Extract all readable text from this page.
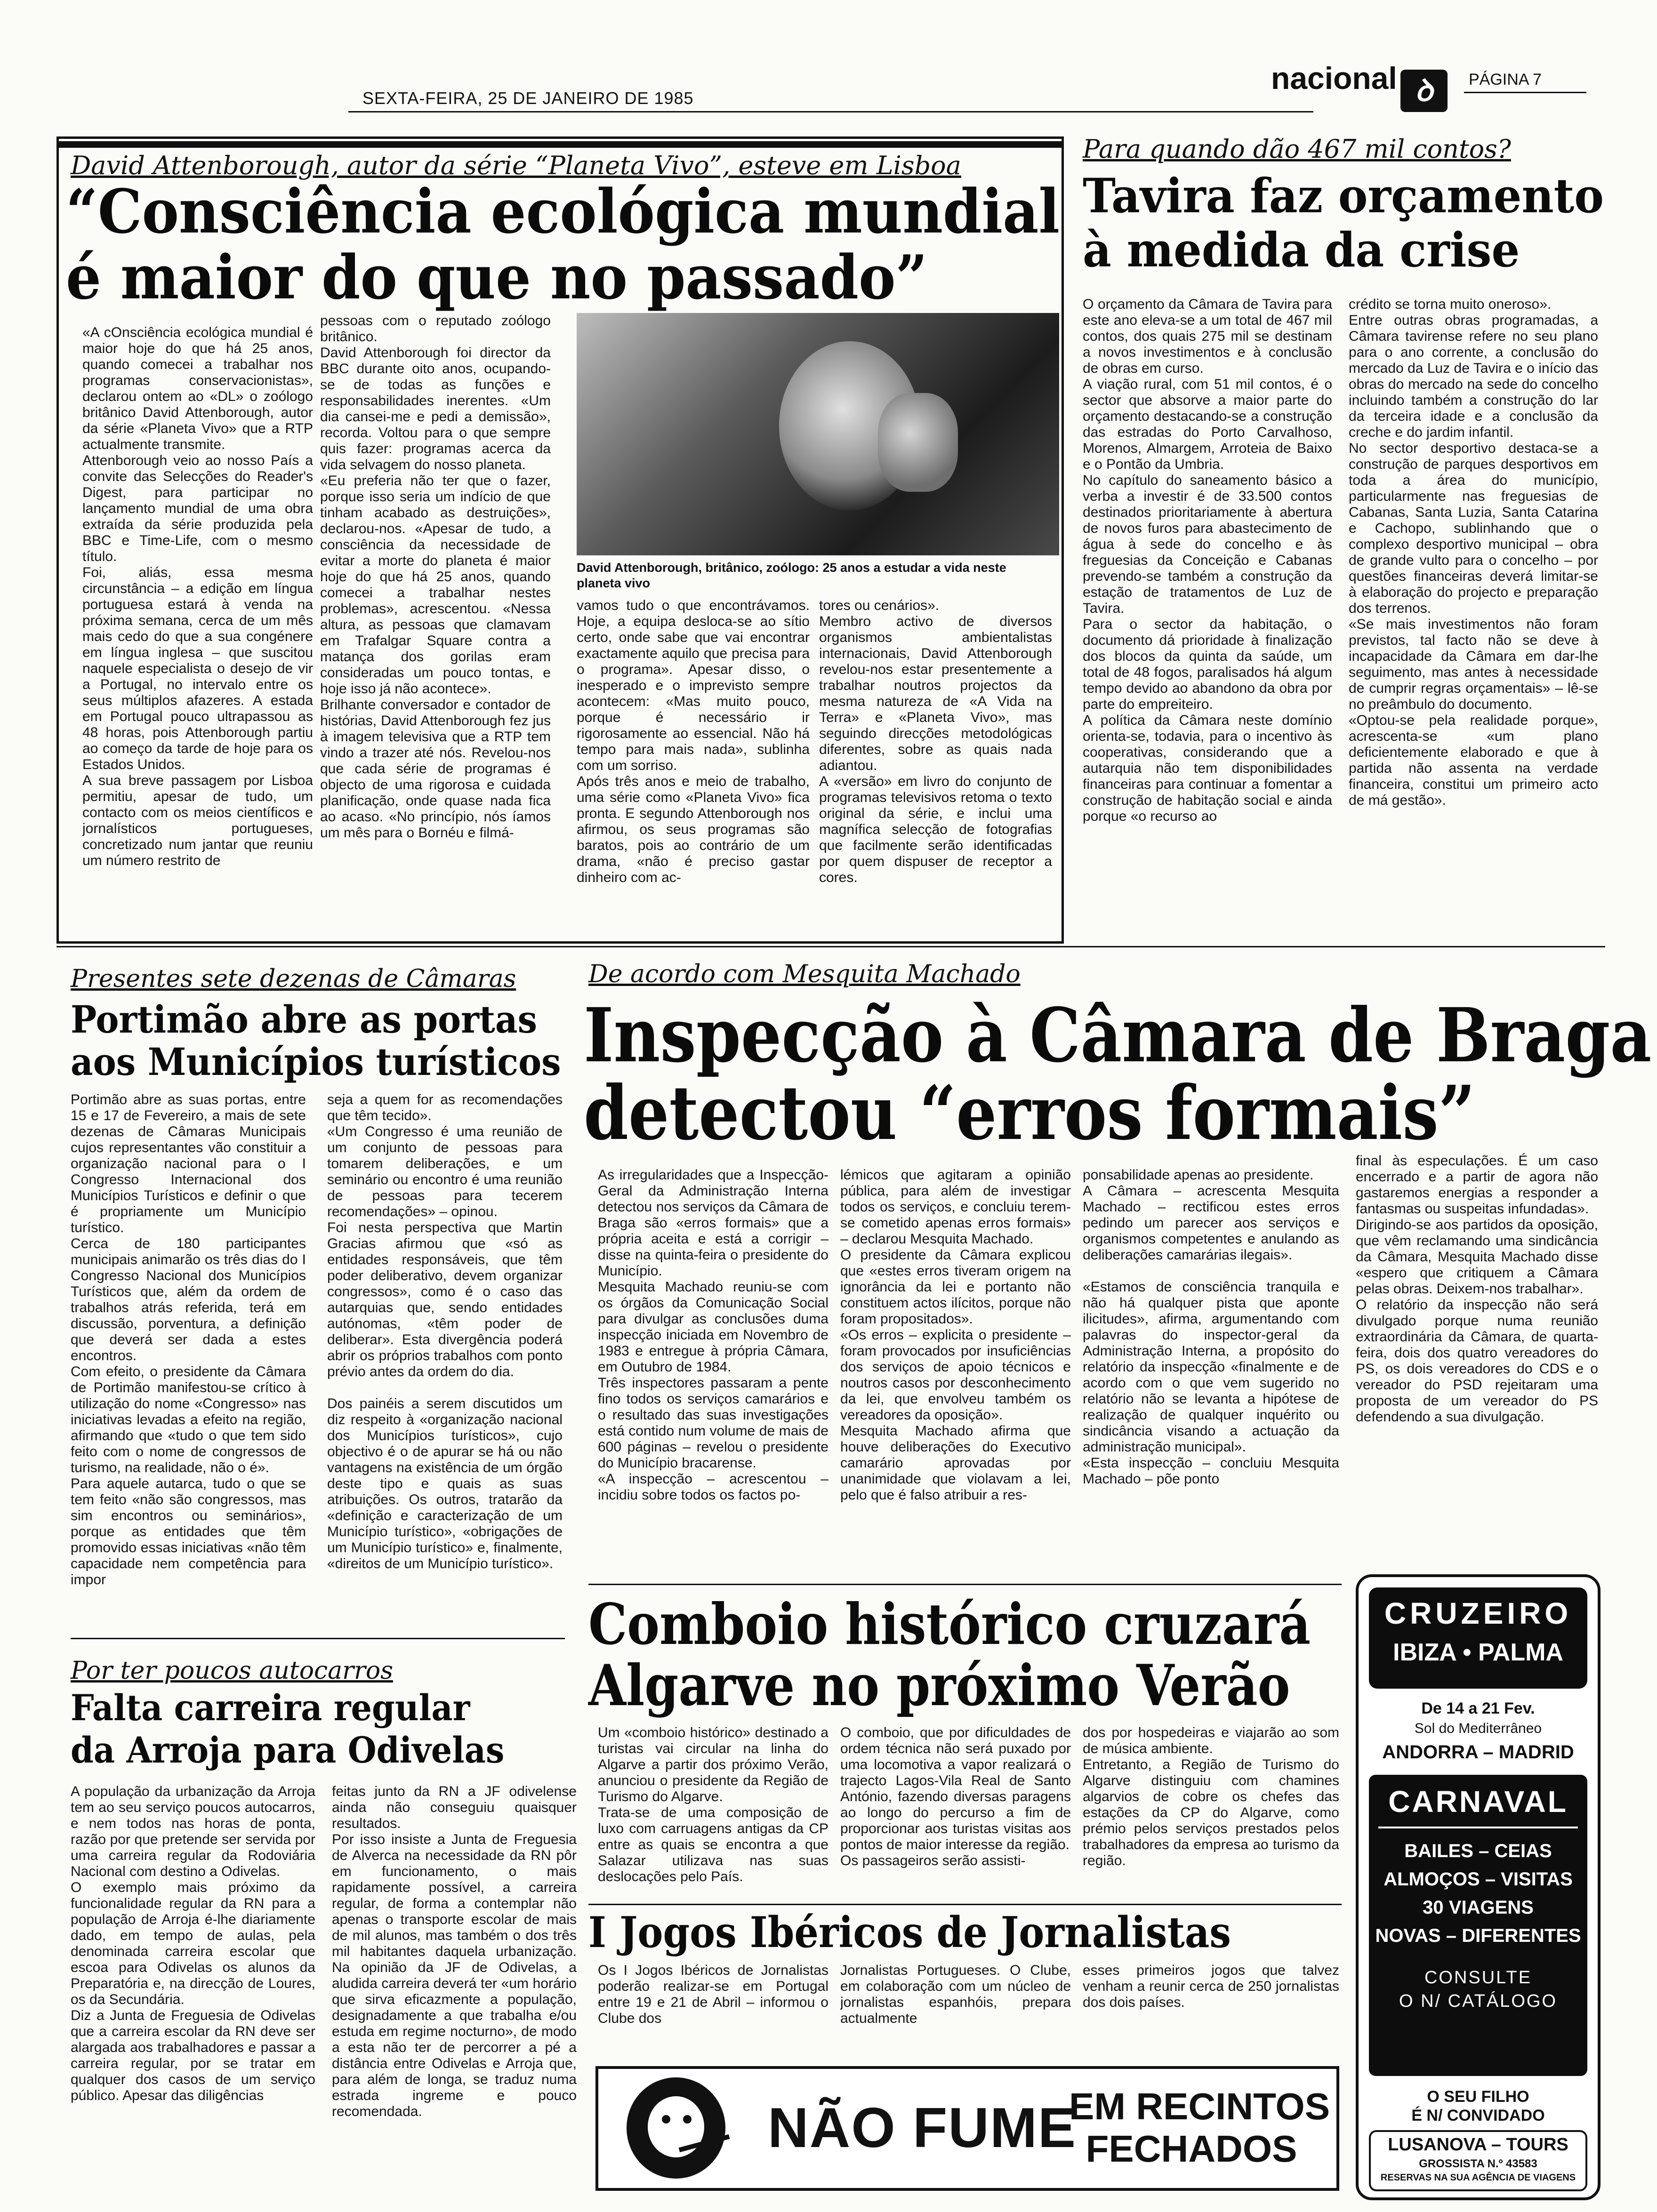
SEXTA-FEIRA, 25 DE JANEIRO DE 1985
nacional ꝺ	PÁGINA 7
David Attenborough, autor da série “Planeta Vivo”, esteve em Lisboa
“Consciência ecológica mundial
é maior do que no passado”

«A cOnsciência ecológica mundial é maior hoje do que há 25 anos, quando comecei a trabalhar nos programas conservacionistas», declarou ontem ao «DL» o zoólogo britânico David Attenborough, autor da série «Planeta Vivo» que a RTP actualmente transmite.
Attenborough veio ao nosso País a convite das Selecções do Reader's Digest, para participar no lançamento mundial de uma obra extraída da série produzida pela BBC e Time-Life, com o mesmo título.
Foi, aliás, essa mesma circunstância – a edição em língua portuguesa estará à venda na próxima semana, cerca de um mês mais cedo do que a sua congénere em língua inglesa – que suscitou naquele especialista o desejo de vir a Portugal, no intervalo entre os seus múltiplos afazeres. A estada em Portugal pouco ultrapassou as 48 horas, pois Attenborough partiu ao começo da tarde de hoje para os Estados Unidos.
A sua breve passagem por Lisboa permitiu, apesar de tudo, um contacto com os meios científicos e jornalísticos portugueses, concretizado num jantar que reuniu um número restrito de

pessoas com o reputado zoólogo britânico.
David Attenborough foi director da BBC durante oito anos, ocupando-se de todas as funções e responsabilidades inerentes. «Um dia cansei-me e pedi a demissão», recorda. Voltou para o que sempre quis fazer: programas acerca da vida selvagem do nosso planeta.
«Eu preferia não ter que o fazer, porque isso seria um indício de que tinham acabado as destruições», declarou-nos. «Apesar de tudo, a consciência da necessidade de evitar a morte do planeta é maior hoje do que há 25 anos, quando comecei a trabalhar nestes problemas», acrescentou. «Nessa altura, as pessoas que clamavam em Trafalgar Square contra a matança dos gorilas eram consideradas um pouco tontas, e hoje isso já não acontece».
Brilhante conversador e contador de histórias, David Attenborough fez jus à imagem televisiva que a RTP tem vindo a trazer até nós. Revelou-nos que cada série de programas é objecto de uma rigorosa e cuidada planificação, onde quase nada fica ao acaso. «No princípio, nós íamos um mês para o Bornéu e filmá-

David Attenborough, britânico, zoólogo: 25 anos a estudar a vida neste planeta vivo

vamos tudo o que encontrávamos. Hoje, a equipa desloca-se ao sítio certo, onde sabe que vai encontrar exactamente aquilo que precisa para o programa». Apesar disso, o inesperado e o imprevisto sempre acontecem: «Mas muito pouco, porque é necessário ir rigorosamente ao essencial. Não há tempo para mais nada», sublinha com um sorriso.
Após três anos e meio de trabalho, uma série como «Planeta Vivo» fica pronta. E segundo Attenborough nos afirmou, os seus programas são baratos, pois ao contrário de um drama, «não é preciso gastar dinheiro com ac-

tores ou cenários».
Membro activo de diversos organismos ambientalistas internacionais, David Attenborough revelou-nos estar presentemente a trabalhar noutros projectos da mesma natureza de «A Vida na Terra» e «Planeta Vivo», mas seguindo direcções metodológicas diferentes, sobre as quais nada adiantou.
A «versão» em livro do conjunto de programas televisivos retoma o texto original da série, e inclui uma magnífica selecção de fotografias que facilmente serão identificadas por quem dispuser de receptor a cores.

Para quando dão 467 mil contos?
Tavira faz orçamento
à medida da crise

O orçamento da Câmara de Tavira para este ano eleva-se a um total de 467 mil contos, dos quais 275 mil se destinam a novos investimentos e à conclusão de obras em curso.
A viação rural, com 51 mil contos, é o sector que absorve a maior parte do orçamento destacando-se a construção das estradas do Porto Carvalhoso, Morenos, Almargem, Arroteia de Baixo e o Pontão da Umbria.
No capítulo do saneamento básico a verba a investir é de 33.500 contos destinados prioritariamente à abertura de novos furos para abastecimento de água à sede do concelho e às freguesias da Conceição e Cabanas prevendo-se também a construção da estação de tratamentos de Luz de Tavira.
Para o sector da habitação, o documento dá prioridade à finalização dos blocos da quinta da saúde, um total de 48 fogos, paralisados há algum tempo devido ao abandono da obra por parte do empreiteiro.
A política da Câmara neste domínio orienta-se, todavia, para o incentivo às cooperativas, considerando que a autarquia não tem disponibilidades financeiras para continuar a fomentar a construção de habitação social e ainda porque «o recurso ao

crédito se torna muito oneroso».
Entre outras obras programadas, a Câmara tavirense refere no seu plano para o ano corrente, a conclusão do mercado da Luz de Tavira e o início das obras do mercado na sede do concelho incluindo também a construção do lar da terceira idade e a conclusão da creche e do jardim infantil.
No sector desportivo destaca-se a construção de parques desportivos em toda a área do município, particularmente nas freguesias de Cabanas, Santa Luzia, Santa Catarina e Cachopo, sublinhando que o complexo desportivo municipal – obra de grande vulto para o concelho – por questões financeiras deverá limitar-se à elaboração do projecto e preparação dos terrenos.
«Se mais investimentos não foram previstos, tal facto não se deve à incapacidade da Câmara em dar-lhe seguimento, mas antes à necessidade de cumprir regras orçamentais» – lê-se no preâmbulo do documento.
«Optou-se pela realidade porque», acrescenta-se «um plano deficientemente elaborado e que à partida não assenta na verdade financeira, constitui um primeiro acto de má gestão».

Presentes sete dezenas de Câmaras
Portimão abre as portas
aos Municípios turísticos

Portimão abre as suas portas, entre 15 e 17 de Fevereiro, a mais de sete dezenas de Câmaras Municipais cujos representantes vão constituir a organização nacional para o I Congresso Internacional dos Municípios Turísticos e definir o que é propriamente um Município turístico.
Cerca de 180 participantes municipais animarão os três dias do I Congresso Nacional dos Municípios Turísticos que, além da ordem de trabalhos atrás referida, terá em discussão, porventura, a definição que deverá ser dada a estes encontros.
Com efeito, o presidente da Câmara de Portimão manifestou-se crítico à utilização do nome «Congresso» nas iniciativas levadas a efeito na região, afirmando que «tudo o que tem sido feito com o nome de congressos de turismo, na realidade, não o é».
Para aquele autarca, tudo o que se tem feito «não são congressos, mas sim encontros ou seminários», porque as entidades que têm promovido essas iniciativas «não têm capacidade nem competência para impor

seja a quem for as recomendações que têm tecido».
«Um Congresso é uma reunião de um conjunto de pessoas para tomarem deliberações, e um seminário ou encontro é uma reunião de pessoas para tecerem recomendações» – opinou.
Foi nesta perspectiva que Martin Gracias afirmou que «só as entidades responsáveis, que têm poder deliberativo, devem organizar congressos», como é o caso das autarquias que, sendo entidades autónomas, «têm poder de deliberar». Esta divergência poderá abrir os próprios trabalhos com ponto prévio antes da ordem do dia.

Dos painéis a serem discutidos um diz respeito à «organização nacional dos Municípios turísticos», cujo objectivo é o de apurar se há ou não vantagens na existência de um órgão deste tipo e quais as suas atribuições. Os outros, tratarão da «definição e caracterização de um Município turístico», «obrigações de um Município turístico» e, finalmente, «direitos de um Município turístico».

De acordo com Mesquita Machado
Inspecção à Câmara de Braga
detectou “erros formais”

As irregularidades que a Inspecção-Geral da Administração Interna detectou nos serviços da Câmara de Braga são «erros formais» que a própria aceita e está a corrigir – disse na quinta-feira o presidente do Município.
Mesquita Machado reuniu-se com os órgãos da Comunicação Social para divulgar as conclusões duma inspecção iniciada em Novembro de 1983 e entregue à própria Câmara, em Outubro de 1984.
Três inspectores passaram a pente fino todos os serviços camarários e o resultado das suas investigações está contido num volume de mais de 600 páginas – revelou o presidente do Município bracarense.
«A inspecção – acrescentou – incidiu sobre todos os factos po-

lémicos que agitaram a opinião pública, para além de investigar todos os serviços, e concluiu terem-se cometido apenas erros formais» – declarou Mesquita Machado.
O presidente da Câmara explicou que «estes erros tiveram origem na ignorância da lei e portanto não constituem actos ilícitos, porque não foram propositados».
«Os erros – explicita o presidente – foram provocados por insuficiências dos serviços de apoio técnicos e noutros casos por desconhecimento da lei, que envolveu também os vereadores da oposição».
Mesquita Machado afirma que houve deliberações do Executivo camarário aprovadas por unanimidade que violavam a lei, pelo que é falso atribuir a res-

ponsabilidade apenas ao presidente.
A Câmara – acrescenta Mesquita Machado – rectificou estes erros pedindo um parecer aos serviços e organismos competentes e anulando as deliberações camarárias ilegais».

«Estamos de consciência tranquila e não há qualquer pista que aponte ilicitudes», afirma, argumentando com palavras do inspector-geral da Administração Interna, a propósito do relatório da inspecção «finalmente e de acordo com o que vem sugerido no relatório não se levanta a hipótese de realização de qualquer inquérito ou sindicância visando a actuação da administração municipal».
«Esta inspecção – concluiu Mesquita Machado – põe ponto

final às especulações. É um caso encerrado e a partir de agora não gastaremos energias a responder a fantasmas ou suspeitas infundadas».
Dirigindo-se aos partidos da oposição, que vêm reclamando uma sindicância da Câmara, Mesquita Machado disse «espero que critiquem a Câmara pelas obras. Deixem-nos trabalhar».
O relatório da inspecção não será divulgado porque numa reunião extraordinária da Câmara, de quarta-feira, dois dos quatro vereadores do PS, os dois vereadores do CDS e o vereador do PSD rejeitaram uma proposta de um vereador do PS defendendo a sua divulgação.

Por ter poucos autocarros
Falta carreira regular
da Arroja para Odivelas

A população da urbanização da Arroja tem ao seu serviço poucos autocarros, e nem todos nas horas de ponta, razão por que pretende ser servida por uma carreira regular da Rodoviária Nacional com destino a Odivelas.
O exemplo mais próximo da funcionalidade regular da RN para a população de Arroja é-lhe diariamente dado, em tempo de aulas, pela denominada carreira escolar que escoa para Odivelas os alunos da Preparatória e, na direcção de Loures, os da Secundária.
Diz a Junta de Freguesia de Odivelas que a carreira escolar da RN deve ser alargada aos trabalhadores e passar a carreira regular, por se tratar em qualquer dos casos de um serviço público. Apesar das diligências

feitas junto da RN a JF odivelense ainda não conseguiu quaisquer resultados.
Por isso insiste a Junta de Freguesia de Alverca na necessidade da RN pôr em funcionamento, o mais rapidamente possível, a carreira regular, de forma a contemplar não apenas o transporte escolar de mais de mil alunos, mas também o dos três mil habitantes daquela urbanização. Na opinião da JF de Odivelas, a aludida carreira deverá ter «um horário que sirva eficazmente a população, designadamente a que trabalha e/ou estuda em regime nocturno», de modo a esta não ter de percorrer a pé a distância entre Odivelas e Arroja que, para além de longa, se traduz numa estrada ingreme e pouco recomendada.

Comboio histórico cruzará
Algarve no próximo Verão

Um «comboio histórico» destinado a turistas vai circular na linha do Algarve a partir dos próximo Verão, anunciou o presidente da Região de Turismo do Algarve.
Trata-se de uma composição de luxo com carruagens antigas da CP entre as quais se encontra a que Salazar utilizava nas suas deslocações pelo País.

O comboio, que por dificuldades de ordem técnica não será puxado por uma locomotiva a vapor realizará o trajecto Lagos-Vila Real de Santo António, fazendo diversas paragens ao longo do percurso a fim de proporcionar aos turistas visitas aos pontos de maior interesse da região.
Os passageiros serão assisti-

dos por hospedeiras e viajarão ao som de música ambiente.
Entretanto, a Região de Turismo do Algarve distinguiu com chamines algarvios de cobre os chefes das estações da CP do Algarve, como prémio pelos serviços prestados pelos trabalhadores da empresa ao turismo da região.

I Jogos Ibéricos de Jornalistas

Os I Jogos Ibéricos de Jornalistas poderão realizar-se em Portugal entre 19 e 21 de Abril – informou o Clube dos

Jornalistas Portugueses. O Clube, em colaboração com um núcleo de jornalistas espanhóis, prepara actualmente

esses primeiros jogos que talvez venham a reunir cerca de 250 jornalistas dos dois países.

NÃO FUME
EM RECINTOS
FECHADOS
CRUZEIRO
IBIZA • PALMA
De 14 a 21 Fev.
Sol do Mediterrâneo
ANDORRA – MADRID
CARNAVAL
BAILES – CEIAS
ALMOÇOS – VISITAS
30 VIAGENS
NOVAS – DIFERENTES
CONSULTE
O N/ CATÁLOGO
O SEU FILHO
É N/ CONVIDADO
LUSANOVA – TOURS
GROSSISTA N.º 43583
RESERVAS NA SUA AGÊNCIA DE VIAGENS
